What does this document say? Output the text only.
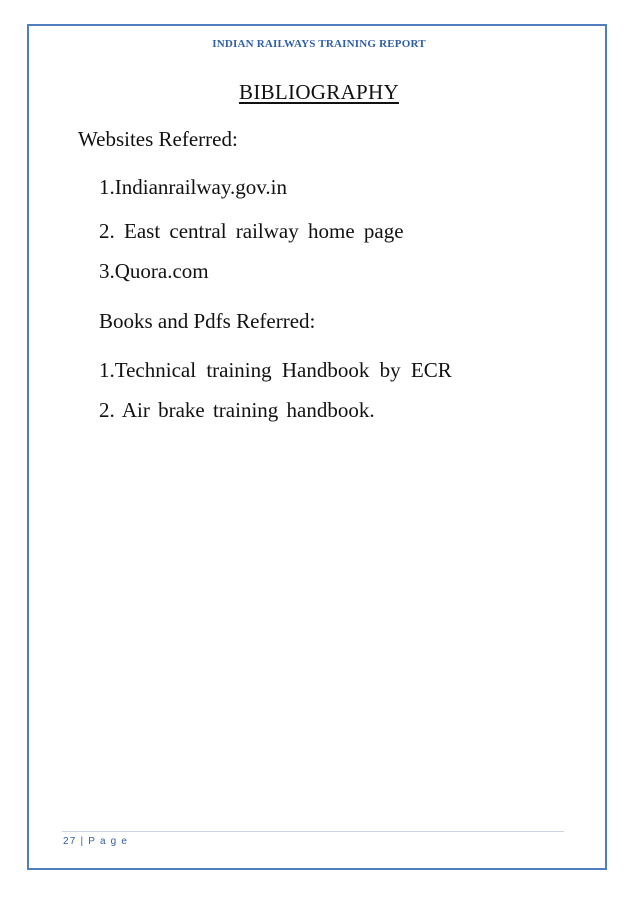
INDIAN RAILWAYS TRAINING REPORT
BIBLIOGRAPHY
Websites Referred:
1.Indianrailway.gov.in
2. East central railway home page
3.Quora.com
Books and Pdfs Referred:
1.Technical training Handbook by ECR
2. Air brake training handbook.
27 | P a g e
